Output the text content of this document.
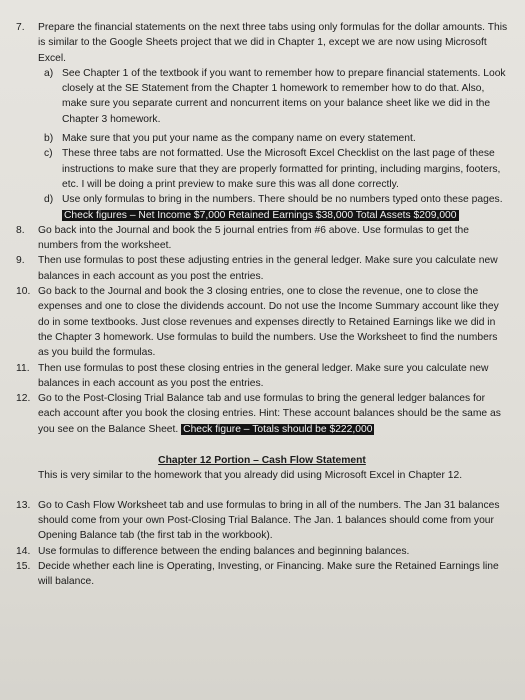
7. Prepare the financial statements on the next three tabs using only formulas for the dollar amounts. This is similar to the Google Sheets project that we did in Chapter 1, except we are now using Microsoft Excel.
a) See Chapter 1 of the textbook if you want to remember how to prepare financial statements. Look closely at the SE Statement from the Chapter 1 homework to remember how to do that. Also, make sure you separate current and noncurrent items on your balance sheet like we did in the Chapter 3 homework.
b) Make sure that you put your name as the company name on every statement.
c) These three tabs are not formatted. Use the Microsoft Excel Checklist on the last page of these instructions to make sure that they are properly formatted for printing, including margins, footers, etc. I will be doing a print preview to make sure this was all done correctly.
d) Use only formulas to bring in the numbers. There should be no numbers typed onto these pages. Check figures – Net Income $7,000 Retained Earnings $38,000 Total Assets $209,000
8. Go back into the Journal and book the 5 journal entries from #6 above. Use formulas to get the numbers from the worksheet.
9. Then use formulas to post these adjusting entries in the general ledger. Make sure you calculate new balances in each account as you post the entries.
10. Go back to the Journal and book the 3 closing entries, one to close the revenue, one to close the expenses and one to close the dividends account. Do not use the Income Summary account like they do in some textbooks. Just close revenues and expenses directly to Retained Earnings like we did in the Chapter 3 homework. Use formulas to build the numbers. Use the Worksheet to find the numbers as you build the formulas.
11. Then use formulas to post these closing entries in the general ledger. Make sure you calculate new balances in each account as you post the entries.
12. Go to the Post-Closing Trial Balance tab and use formulas to bring the general ledger balances for each account after you book the closing entries. Hint: These account balances should be the same as you see on the Balance Sheet. Check figure – Totals should be $222,000
Chapter 12 Portion – Cash Flow Statement
This is very similar to the homework that you already did using Microsoft Excel in Chapter 12.
13. Go to Cash Flow Worksheet tab and use formulas to bring in all of the numbers. The Jan 31 balances should come from your own Post-Closing Trial Balance. The Jan. 1 balances should come from your Opening Balance tab (the first tab in the workbook).
14. Use formulas to difference between the ending balances and beginning balances.
15. Decide whether each line is Operating, Investing, or Financing. Make sure the Retained Earnings line will balance.
